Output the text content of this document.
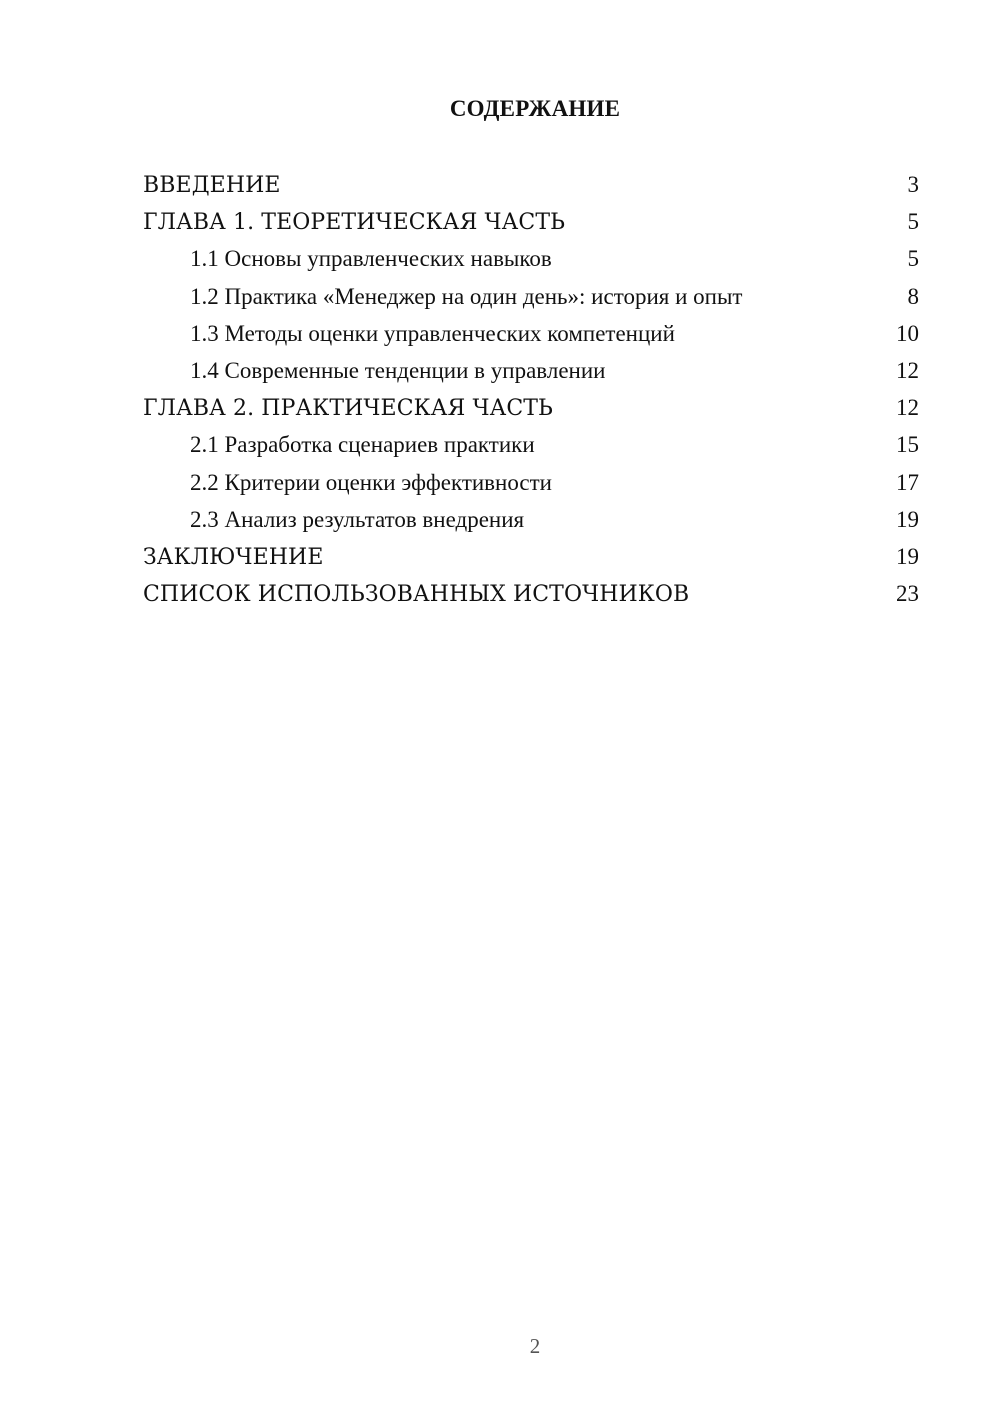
СОДЕРЖАНИЕ
ВВЕДЕНИЕ	3
ГЛАВА 1. ТЕОРЕТИЧЕСКАЯ ЧАСТЬ	5
1.1 Основы управленческих навыков	5
1.2 Практика «Менеджер на один день»: история и опыт	8
1.3 Методы оценки управленческих компетенций	10
1.4 Современные тенденции в управлении	12
ГЛАВА 2. ПРАКТИЧЕСКАЯ ЧАСТЬ	12
2.1 Разработка сценариев практики	15
2.2 Критерии оценки эффективности	17
2.3 Анализ результатов внедрения	19
ЗАКЛЮЧЕНИЕ	19
СПИСОК ИСПОЛЬЗОВАННЫХ ИСТОЧНИКОВ	23
2
